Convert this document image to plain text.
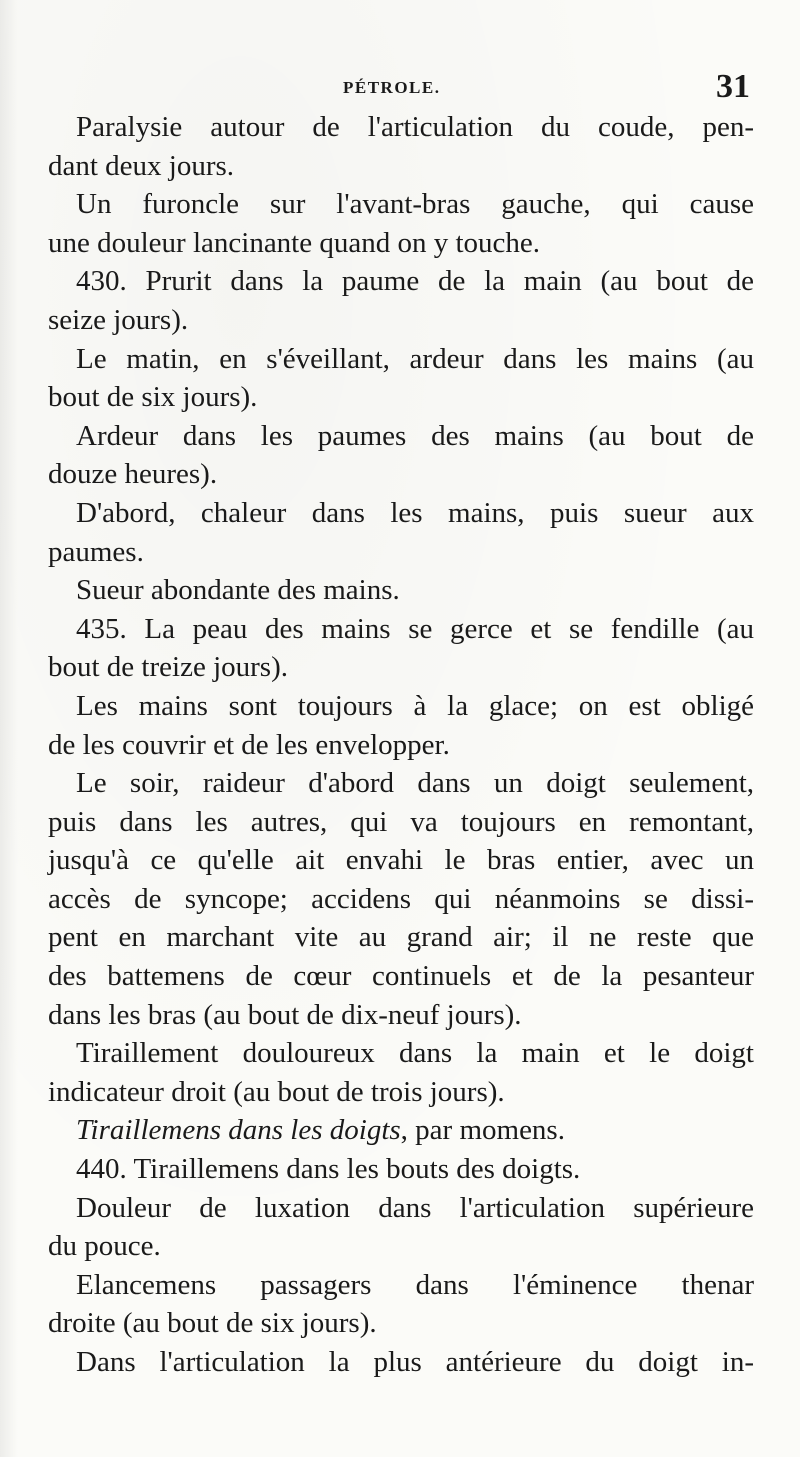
PÉTROLE.	31
Paralysie autour de l'articulation du coude, pen-
dant deux jours.
Un furoncle sur l'avant-bras gauche, qui cause
une douleur lancinante quand on y touche.
430. Prurit dans la paume de la main (au bout de
seize jours).
Le matin, en s'éveillant, ardeur dans les mains (au
bout de six jours).
Ardeur dans les paumes des mains (au bout de
douze heures).
D'abord, chaleur dans les mains, puis sueur aux
paumes.
Sueur abondante des mains.
435. La peau des mains se gerce et se fendille (au
bout de treize jours).
Les mains sont toujours à la glace; on est obligé
de les couvrir et de les envelopper.
Le soir, raideur d'abord dans un doigt seulement,
puis dans les autres, qui va toujours en remontant,
jusqu'à ce qu'elle ait envahi le bras entier, avec un
accès de syncope; accidens qui néanmoins se dissi-
pent en marchant vite au grand air; il ne reste que
des battemens de cœur continuels et de la pesanteur
dans les bras (au bout de dix-neuf jours).
Tiraillement douloureux dans la main et le doigt
indicateur droit (au bout de trois jours).
Tiraillemens dans les doigts, par momens.
440. Tiraillemens dans les bouts des doigts.
Douleur de luxation dans l'articulation supérieure
du pouce.
Elancemens passagers dans l'éminence thenar
droite (au bout de six jours).
Dans l'articulation la plus antérieure du doigt in-
